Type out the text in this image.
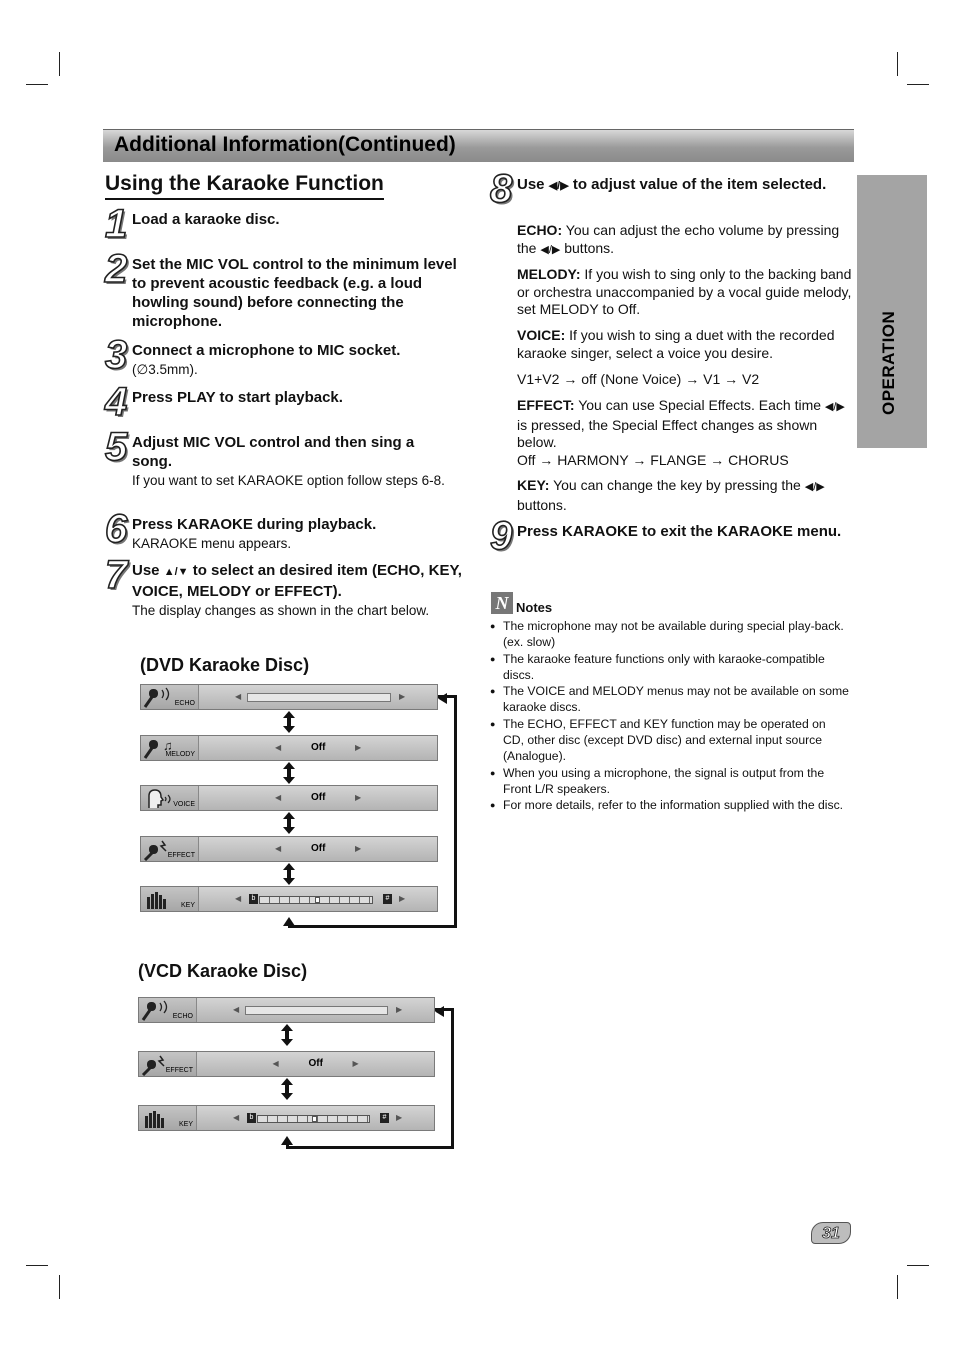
Additional Information(Continued)
OPERATION
Using the Karaoke Function
1 Load a karaoke disc.
2 Set the MIC VOL control to the minimum level to prevent acoustic feedback (e.g. a loud howling sound) before connecting the microphone.
3 Connect a microphone to MIC socket.
(∅3.5mm).
4 Press PLAY to start playback.
5 Adjust MIC VOL control and then sing a song.
If you want to set KARAOKE option follow steps 6-8.
6 Press KARAOKE during playback.
KARAOKE menu appears.
7 Use ▲/▼ to select an desired item (ECHO, KEY, VOICE, MELODY or EFFECT).
The display changes as shown in the chart below.
8 Use ◀/▶ to adjust value of the item selected.
ECHO: You can adjust the echo volume by pressing the ◀/▶ buttons.
MELODY: If you wish to sing only to the backing band or orchestra unaccompanied by a vocal guide melody, set MELODY to Off.
VOICE: If you wish to sing a duet with the recorded karaoke singer, select a voice you desire.
V1+V2 → off (None Voice) → V1 → V2
EFFECT: You can use Special Effects. Each time ◀/▶ is pressed, the Special Effect changes as shown below.
Off → HARMONY → FLANGE → CHORUS
KEY: You can change the key by pressing the ◀/▶ buttons.
9 Press KARAOKE to exit the KARAOKE menu.
N Notes
● The microphone may not be available during special play-back. (ex. slow)
● The karaoke feature functions only with karaoke-compatible discs.
● The VOICE and MELODY menus may not be available on some karaoke discs.
● The ECHO, EFFECT and KEY function may be operated on CD, other disc (except DVD disc) and external input source (Analogue).
● When you using a microphone, the signal is output from the Front L/R speakers.
● For more details, refer to the information supplied with the disc.
(DVD Karaoke Disc)
(VCD Karaoke Disc)
ECHO
◀	▶
♫
MELODY
◀	Off	▶
VOICE
◀	Off	▶
EFFECT
◀	Off	▶
KEY
◀	b	#	▶
ECHO
◀	▶
EFFECT
◀	Off	▶
KEY
◀	b	#	▶
31
